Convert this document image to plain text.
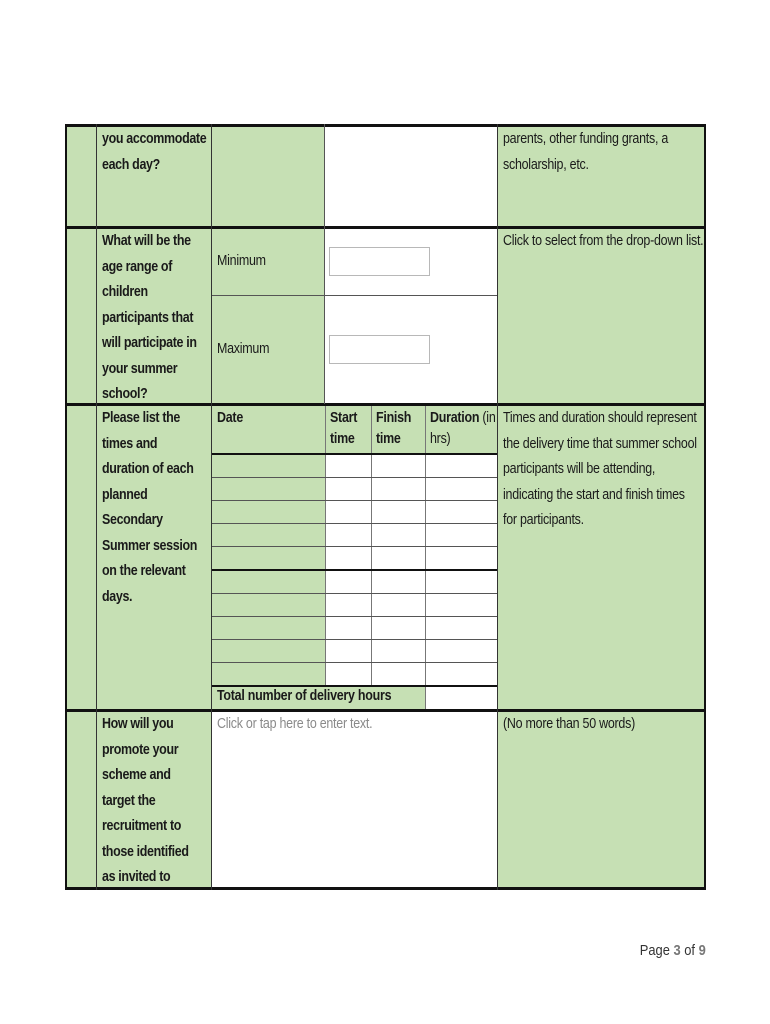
you accommodate
each day?
parents, other funding grants, a
scholarship, etc.
What will be the
age range of
children
participants that
will participate in
your summer
school?
Minimum
Maximum
Click to select from the drop-down list.
Please list the
times and
duration of each
planned
Secondary
Summer session
on the relevant
days.
Date	Start
time
Finish
time
Duration (in
hrs)
Total number of delivery hours
Times and duration should represent
the delivery time that summer school
participants will be attending,
indicating the start and finish times
for participants.
How will you
promote your
scheme and
target the
recruitment to
those identified
as invited to
Click or tap here to enter text.	(No more than 50 words)
Page 3 of 9
